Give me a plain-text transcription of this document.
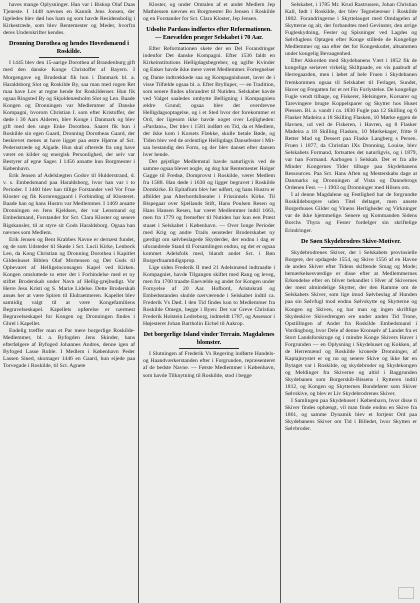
haves mange Oplysninger. Han var i Biskop Olaf Daas Tjeneste. I 1448 nævnes en Kanník Jens Jonsen, der ligeledes blev død hos ham og som havde Residensbolig i Kirkestræde, som blev Rentemester og Meder, hvorfra deres Underskrifter kendes.

Dronning Dorothea og hendes Hovedsmænd i Roskilde.

I 1445 blev den 15-aarige Dorothea af Brandenburg gift med den danske Konge Christoffer af Bayern. I Morgengave og Brudeskat fik hun i Danmark bl. a. Haraldsborg Slot og Roskilde By, saa man med rogen Ret maa have Lov at regne hende for Roskildenser. Hun fik ogsaa Ringsted By og Skjoldenæsholm Slot og Len. Baade Kongen og Dronningen var Medlemmer af Danske Kompagni, hvorom Christian I. som efter Kristoffer, der døde i 30 Aars Alderen, blev Konge i Danmark og blev gift med den unge Enke Dorothea. Saaret fik hun i Roskilde sin egen Gaard, Dronning Dorotheas Gaard, der beskrevet menes at have ligget paa østre Hjørne af Sct. Pedersstræde og Algade. Hun skal ofterede fra ung have været en kilder og energisk Personlighed, der selv var Bestyrer af egne Sager. I 1456 ansatte hun Borgmester i København.

Erik Jensen af Adelslægten Godov til Hulderstrand, d. v. s. Embedsmand paa Haraldsborg, hvor han var i to Perioder. I 1460 blev han tillige Forstander ved Vor Frue Kloster og fik Kornrenggaard i Forbinding af Klosteret. Baade han og hans Hustru var Medlemmer. I 1469 ansatte Dronningen en Jens Kjeldsen, der var Lensmand og Embedsmand, Forstander for Sct. Clara Kloster og senere Rigskansler, til at styre sit Gods Haraldsborg. Ogsaa han nævnes som Medlem.

Erik Jensen og Bent Krabbes Navne er dernæst fundet, og de som Udsteder til Skøde i Sct. Lucii Kirke, Lenbeck Len, da Kong Christian og Dronning Dorothea i Kapitlet Gildeshuset Biblen Olaf Mortensen og Det Guds til Opbevaret af Helligeinconsagen Kapel ved Kirken. Kongen omsluttede to etter det i Forbindelse med et ny stiftet Broderskab under Navn af Hellig-grejbudigt. Vor Herre Jesu Kristi og S. Mariæ Lidelse. Dette Broderskab ansøs her at være Spiren til Ekdraetmeren. Kapellet blev samtidig valgt til at være Kongefamiliens Begravelseskapel. Kapellets opførelse er nærmest Begravelseskapel for Kongen og Dronningen findes i Ghrel i Kapellet.

Endelig træffer man et Par mere borgerlige Roskilde-Medlemmer, bl. a. Byfogden Jens Skinder, hans efterfølgere af Byfoged Johannes Andres, denne igen af Byfoged Lasse Ruble. I Medlem i København Peder Lassen Sined, skomager 1446 en Gaard, hun eijede paa Torvegade i Roskilde, til Sct. Agnete

Kloster, og under Omtalen af et andet Medlem Jep Mathiessen nævnes en Borgmester Bo Jensen i Roskilde og en Forstander for Sct. Clara Kloster, Jep Jensen.

Udsolte Pardans indførtes efter Reformationen. — Enevælden præger Selskabet i 70 Aar.

Efter Reformationen skete der en Del Forandringer indenfor Det danske Kompagni. Efter 1536 faldt en Kirkeinstitutions Helligdagsbegreber, og ugifte Kvinder og Enker havde ikke mere været Medlemmer. Fortegnelser og Dame indtrækkede saa og Kompagnishuset, laver de i visse Tilfælde ogsaa bl. a. Efter Brylluper, — en Tradition, som senere findes uforandret til Nutiden. Selskabet havde ved Valget saaledes ombytte Belligning i Kompagniets ældre Grund; ogsaa blev det overdrevne Helligdagsoptagelse, og i et Sted hvor der forekommer et Ord, der ligesom ikke havde noget over Lejligheden: »Pardans«, Der blev i 1581 indført en Tid, da et Medlem, der ikke kom i Korsets Flække, skulle betale Bøde, og Tiden blev ved de ordentlige Helligdags Dansefester i Mit-saa bestandig den Form, og der blev danset efter dansen hver hende.

Det gejstlige Medlemstal havde naturligvis ved de samme ogsaa blevet nogle, og dog har Rentemester Holger Gagge til Fredsø, Domprovst i Roskilde, været Medlem fra 1588. Han døde i 1630 og ligger begravet i Roskilde Domkirke. Et Epitafium blev her udført, og hans Hustru er afbildet paa Alterbordslinealer i Frissinnels Kirke. Til Bispegaar over Sjællands Stift, Hans Poulsen Resen og Hans Hansen Resen, har været Medlemmer indtil 1663, men fra 1779 og fremefter til Nutiden har kun een Præst staaet i Selskabet i København. — Over Ionge Perioder med Krig og andre Trails sensteder Broderskabet ny gærdigt om sølvbeslagede Skyderder, der endnu i dag er uforandrede Stand til Forsamlingen endnu, og der er ogsaa kommet Adelsfolk med, blandt andet Sct. i Bøn Burgerfraamtidigsprop.

Lige siden Frederik II med 21 Adelsmænd indtraadte i Kompagniet, havde Tilgangen skiftet med Rang og leveg, men fra 1700 traadte Enevælde og andet for Kongen under Fornyelse af 20 Aar. Hofbord, Aristokrati og Embedsstanden skulde nærværende i Selskabet indtil ca. Frederik Vs Død. I den Tid findes kun to Medlemmer fra Roskilde Omegn, begge i Byen: Det var Greve Christian Frederik Holstein Ledreborg, indmeldt 1787, og Assessor i Højesteret Johan Bartholin Eichel til Aakrop.

Det borgerlige Island vinder Terrain. Magdalenes blomster.

I Slutningen af Frederik Vs Regering indførte Handels- og Haandværkerstanden efter i Forgrunden, repræsenteret af de bedste Navne. — Første Medlemmer i København, som havde Tilknytning til Roskilde, stod i begge

Selskabet, i 1785 Mr. Krud Rastrussen, Johan Christian Kall, født i Roskilde, der blev Tegnelæreser i Roskilde 1802. Forandringerne i Skyttelauget med Omdagelen af Skytterne og alt, der forbandtes med Gevinster, den arrige Fugleskydning, Fester og Spisninger ved Lagdes og Sølvfuglens Optagen efter Konge stillede de Kongelige Medlemmer og saa efter det for Kongeskudet, altsammen under kongelig Bevaagenhed.

Efter Akkorden med Skydebanens Vært i 1852 fik de kongelige seriøvet virkelig Skiltpaade, en vis paabudt af Herregaarden, men i løbet af hele Fruen i Skydebanen fremkommen ogsaa til Selskabet til Ferlaget, Sundet, Haver og Fregatten for et ret Fin Forlystelse. De kongelige Fugle vendt tilbage, og Fiskerer, Helsingere, Korsarer og Tarevingere brugte Koppelsparer og Skytter hos Huset Piessen. Bl. a. vandt i ca. 1830 Fugle paa 12 Skilling og 6 Flasker Madeira a 18 Skilling Flasken, 10 Mørke eggen de Havnen, ud ved de Fiskeren, i Havren, og 8 Flasker Madeira a 18 Skilling Flasken, 10 Mørkekager, fritte 8 Retter Mad og Dessert paa Flaske Langberg s Persen. Fruen i 1877, da Christian IXs Dronning, Louise, blev Selskabets Formand, fortsattes det naturligvis, og i 1879, var han Formand. Aarbogen i Selskab. Det er fra alle Minder Kongernes Tider tilbage paa Skydebanens Ressources. Paa Sct. Hans Aften og Mesterskabs dage at Danmarks og Dronningen af Vista og Dannebrogs Ordenen Fest. — i 1903 og Dronninger med Hilsen om.

I al denne Magdalene og Festlighed har de forgrundte Roskildeborgere uden Titel deltaget, men ansete Borgerhuses Gilder og Vinens Herligheder og Virkninger var de ikke hjemmelige. Senere og Kommanden Sidens Borchs Thyra og Fester fordelger sin skriftelige Erindringer.

De Søen Skydebrodres Skive-Motiver.

Skydebrodrenes Skiver, der i Selskabets provinsielle Borgere, der opdagede 1554, og Skive 1556 af en Havne de anden Skiver efter Tidens skiftende Smag og Mode; bemærkelsesværdige er disse efter at Medlemmernes Erkendelse efter en bliver behandlet i Hver af Skivernes der mest almindelige Skytter, der den Ramme om de Selskabets Skiver, som lige imod Sølvbeslag af Hunden paa sin Sølvfugl mod endnu Sølvskytte og Skytterne og Kongen og Skiven, og har man og ingen skriftlige Skydeskive Skivedrengen ere under anden Tid Trone, Opstillingen af Andet fra Roskilde Embedsmand i Vordingborg, hvor Dele af denne Kronsølv af Landet fra et Stort Landsforskruge og i mindre Konge Skivers Haver i Forgrunden — en Oplysning i Skydehuset og Kokken, af de Herremænd og Roskilde kronede Dronninger, af Kaptajnrystet er og nu og senere Skive og ikke før en Bytaget var i Roskilde, og skydebroder og Skydekongen og Meldinger fra Skiverne og altid i Baggrunden Skydebanen som Borgerskib-Bissens i Rytteren indtil 1812, og Kongen og Skytternes Bondefører som Skiver Sølvskive, og blev et Liv Skydebrodrenes Skiver.

I Samlingen paa Skydehuset i København, hvor disse ti Skiver findes ophængt, vil man finde endnu en Skive fra 1861, og samme Dynamik blev et fortjent Ord paa Skydebanens Skiver om Tid i Billedet, hvor Skytten er Sølvbroder.
